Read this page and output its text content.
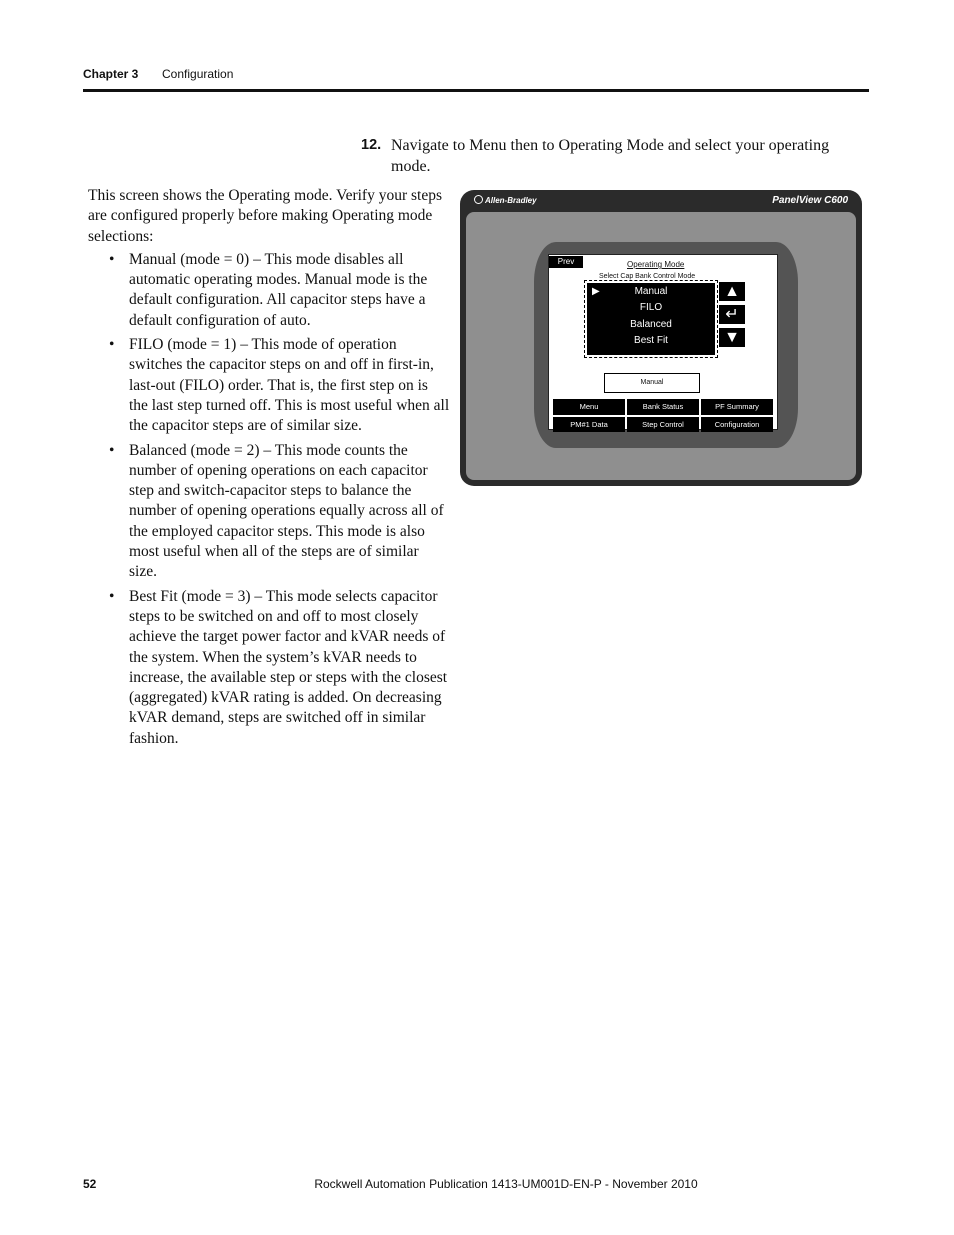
Chapter 3 Configuration
12. Navigate to Menu then to Operating Mode and select your operating mode.

This screen shows the Operating mode. Verify your steps are configured properly before making Operating mode selections:

• Manual (mode = 0) – This mode disables all automatic operating modes. Manual mode is the default configuration. All capacitor steps have a default configuration of auto.
• FILO (mode = 1) – This mode of operation switches the capacitor steps on and off in first-in, last-out (FILO) order. That is, the first step on is the last step turned off. This is most useful when all the capacitor steps are of similar size.
• Balanced (mode = 2) – This mode counts the number of opening operations on each capacitor step and switch-capacitor steps to balance the number of opening operations equally across all of the employed capacitor steps. This mode is also most useful when all of the steps are of similar size.
• Best Fit (mode = 3) – This mode selects capacitor steps to be switched on and off to most closely achieve the target power factor and kVAR needs of the system. When the system’s kVAR needs to increase, the available step or steps with the closest (aggregated) kVAR rating is added. On decreasing kVAR demand, steps are switched off in similar fashion.
Allen-Bradley	PanelView C600
Prev	Operating Mode
Select Cap Bank Control Mode
▶	Manual
FILO
Balanced
Best Fit
▲
↵
▼
Manual
Menu	Bank Status	PF Summary
PM#1 Data	Step Control	Configuration
52	Rockwell Automation Publication 1413-UM001D-EN-P - November 2010
